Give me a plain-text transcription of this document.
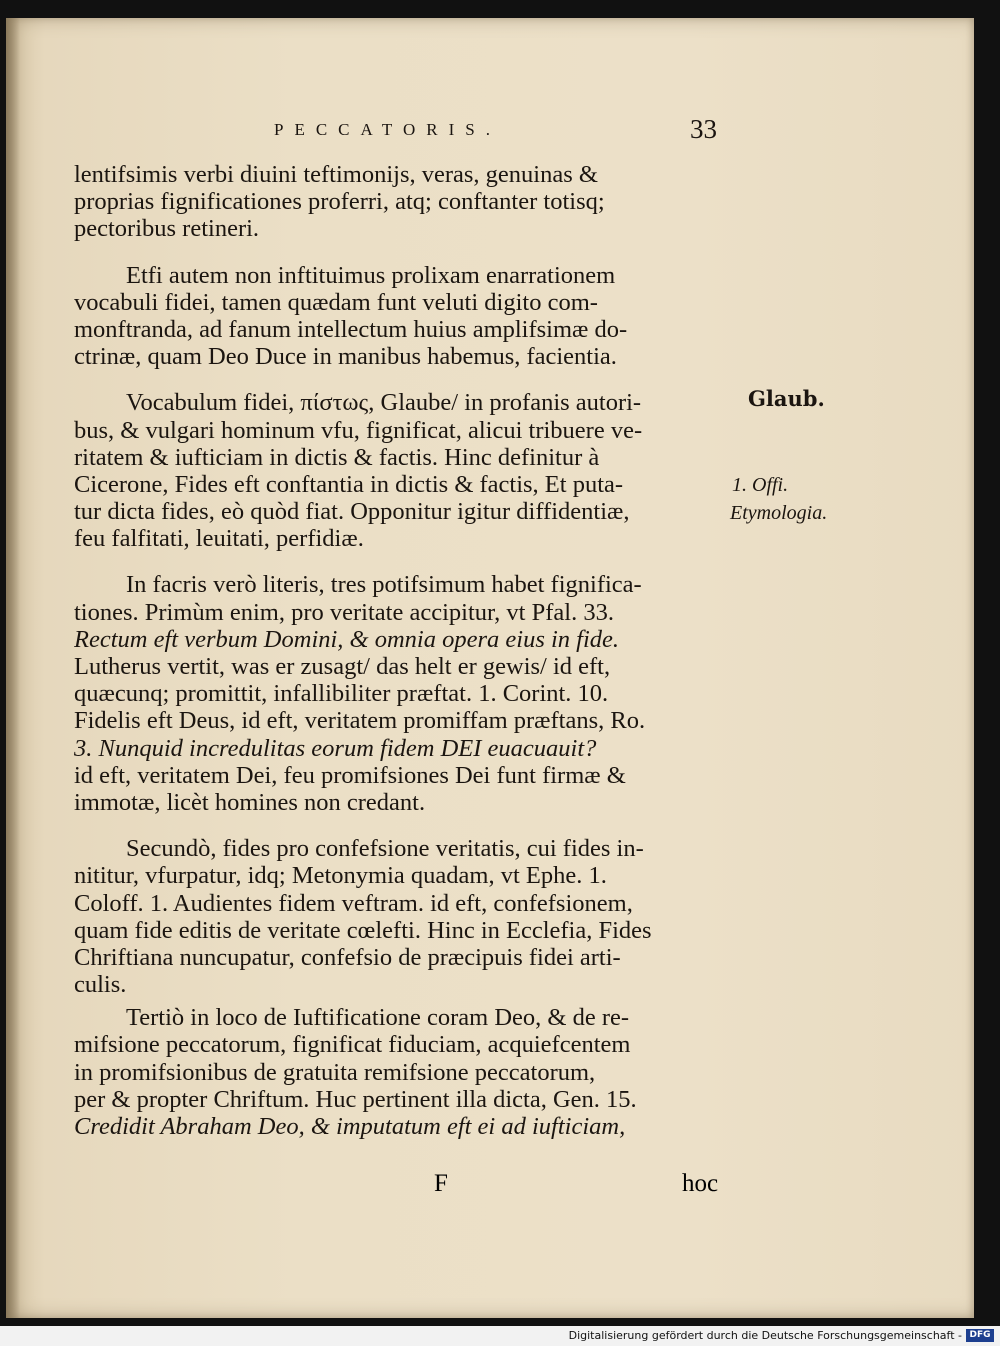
PECCATORIS.	33
lentifsimis verbi diuini teftimonijs, veras, genuinas &
proprias fignificationes proferri, atq; conftanter totisq;
pectoribus retineri.
Etfi autem non inftituimus prolixam enarrationem
vocabuli fidei, tamen quædam funt veluti digito com-
monftranda, ad fanum intellectum huius amplifsimæ do-
ctrinæ, quam Deo Duce in manibus habemus, facientia.
Vocabulum fidei, πίστως, Glaube/ in profanis autori-
bus, & vulgari hominum vfu, fignificat, alicui tribuere ve-
ritatem & iufticiam in dictis & factis. Hinc definitur à
Cicerone, Fides eft conftantia in dictis & factis, Et puta-
tur dicta fides, eò quòd fiat. Opponitur igitur diffidentiæ,
feu falfitati, leuitati, perfidiæ.
In facris verò literis, tres potifsimum habet fignifica-
tiones. Primùm enim, pro veritate accipitur, vt Pfal. 33.
Rectum eft verbum Domini, & omnia opera eius in fide.
Lutherus vertit, was er zusagt/ das helt er gewis/ id eft,
quæcunq; promittit, infallibiliter præftat. 1. Corint. 10.
Fidelis eft Deus, id eft, veritatem promiffam præftans, Ro.
3. Nunquid incredulitas eorum fidem DEI euacuauit?
id eft, veritatem Dei, feu promifsiones Dei funt firmæ &
immotæ, licèt homines non credant.
Secundò, fides pro confefsione veritatis, cui fides in-
nititur, vfurpatur, idq; Metonymia quadam, vt Ephe. 1.
Coloff. 1. Audientes fidem veftram. id eft, confefsionem,
quam fide editis de veritate cœlefti. Hinc in Ecclefia, Fides
Chriftiana nuncupatur, confefsio de præcipuis fidei arti-
culis.
Tertiò in loco de Iuftificatione coram Deo, & de re-
mifsione peccatorum, fignificat fiduciam, acquiefcentem
in promifsionibus de gratuita remifsione peccatorum,
per & propter Chriftum. Huc pertinent illa dicta, Gen. 15.
Credidit Abraham Deo, & imputatum eft ei ad iufticiam,
Glaub.
1. Offi.
Etymologia.
F	hoc
Digitalisierung gefördert durch die Deutsche Forschungsgemeinschaft - DFG
